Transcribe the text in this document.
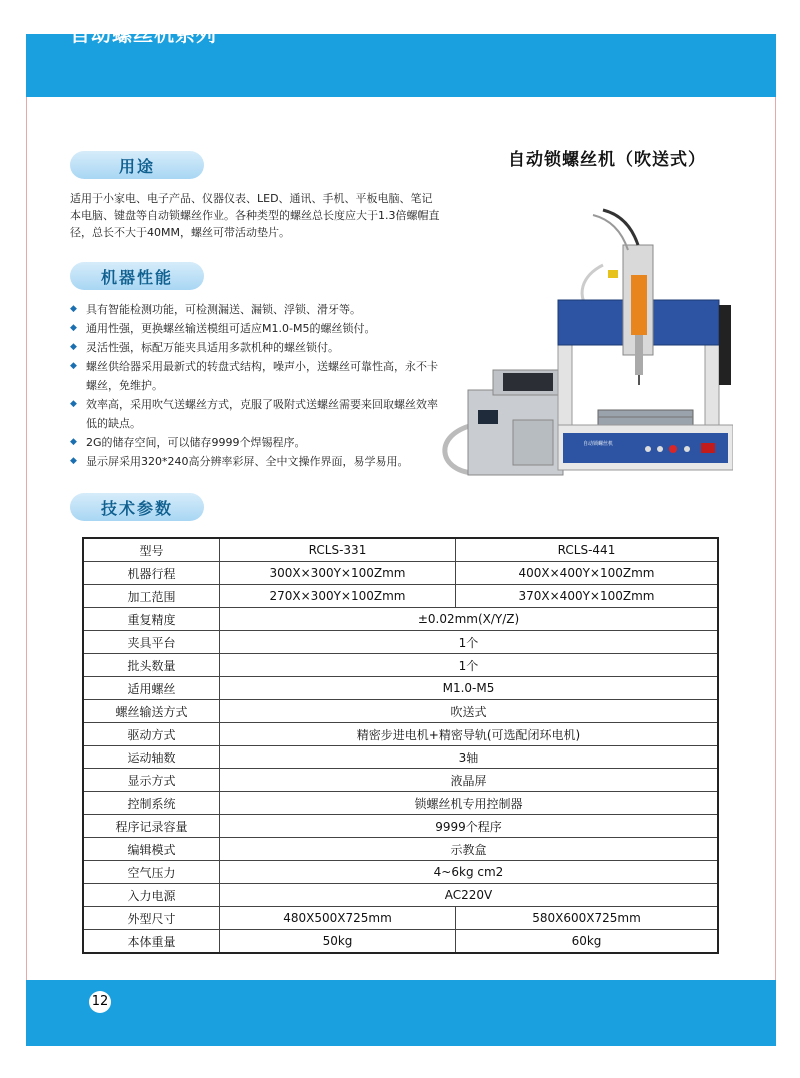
自动螺丝机系列
用途	自动锁螺丝机（吹送式）
适用于小家电、电子产品、仪器仪表、LED、通讯、手机、平板电脑、笔记本电脑、键盘等自动锁螺丝作业。各种类型的螺丝总长度应大于1.3倍螺帽直径，总长不大于40MM，螺丝可带活动垫片。
机器性能
◆ 具有智能检测功能，可检测漏送、漏锁、浮锁、滑牙等。
◆ 通用性强，更换螺丝输送模组可适应M1.0-M5的螺丝锁付。
◆ 灵活性强，标配万能夹具适用多款机种的螺丝锁付。
◆ 螺丝供给器采用最新式的转盘式结构，噪声小，送螺丝可靠性高，永不卡螺丝，免维护。
◆ 效率高，采用吹气送螺丝方式，克服了吸附式送螺丝需要来回取螺丝效率低的缺点。
◆ 2G的储存空间，可以储存9999个焊锡程序。
◆ 显示屏采用320*240高分辨率彩屏、全中文操作界面，易学易用。
自动锁螺丝机
技术参数
型号	RCLS-331	RCLS-441
机器行程	300X×300Y×100Zmm	400X×400Y×100Zmm
加工范围	270X×300Y×100Zmm	370X×400Y×100Zmm
重复精度	±0.02mm(X/Y/Z)	
夹具平台	1个	
批头数量	1个	
适用螺丝	M1.0-M5	
螺丝输送方式	吹送式	
驱动方式	精密步进电机+精密导轨(可选配闭环电机)	
运动轴数	3轴	
显示方式	液晶屏	
控制系统	锁螺丝机专用控制器	
程序记录容量	9999个程序	
编辑模式	示教盒	
空气压力	4~6kg cm2	
入力电源	AC220V	
外型尺寸	480X500X725mm	580X600X725mm
本体重量	50kg	60kg
12
